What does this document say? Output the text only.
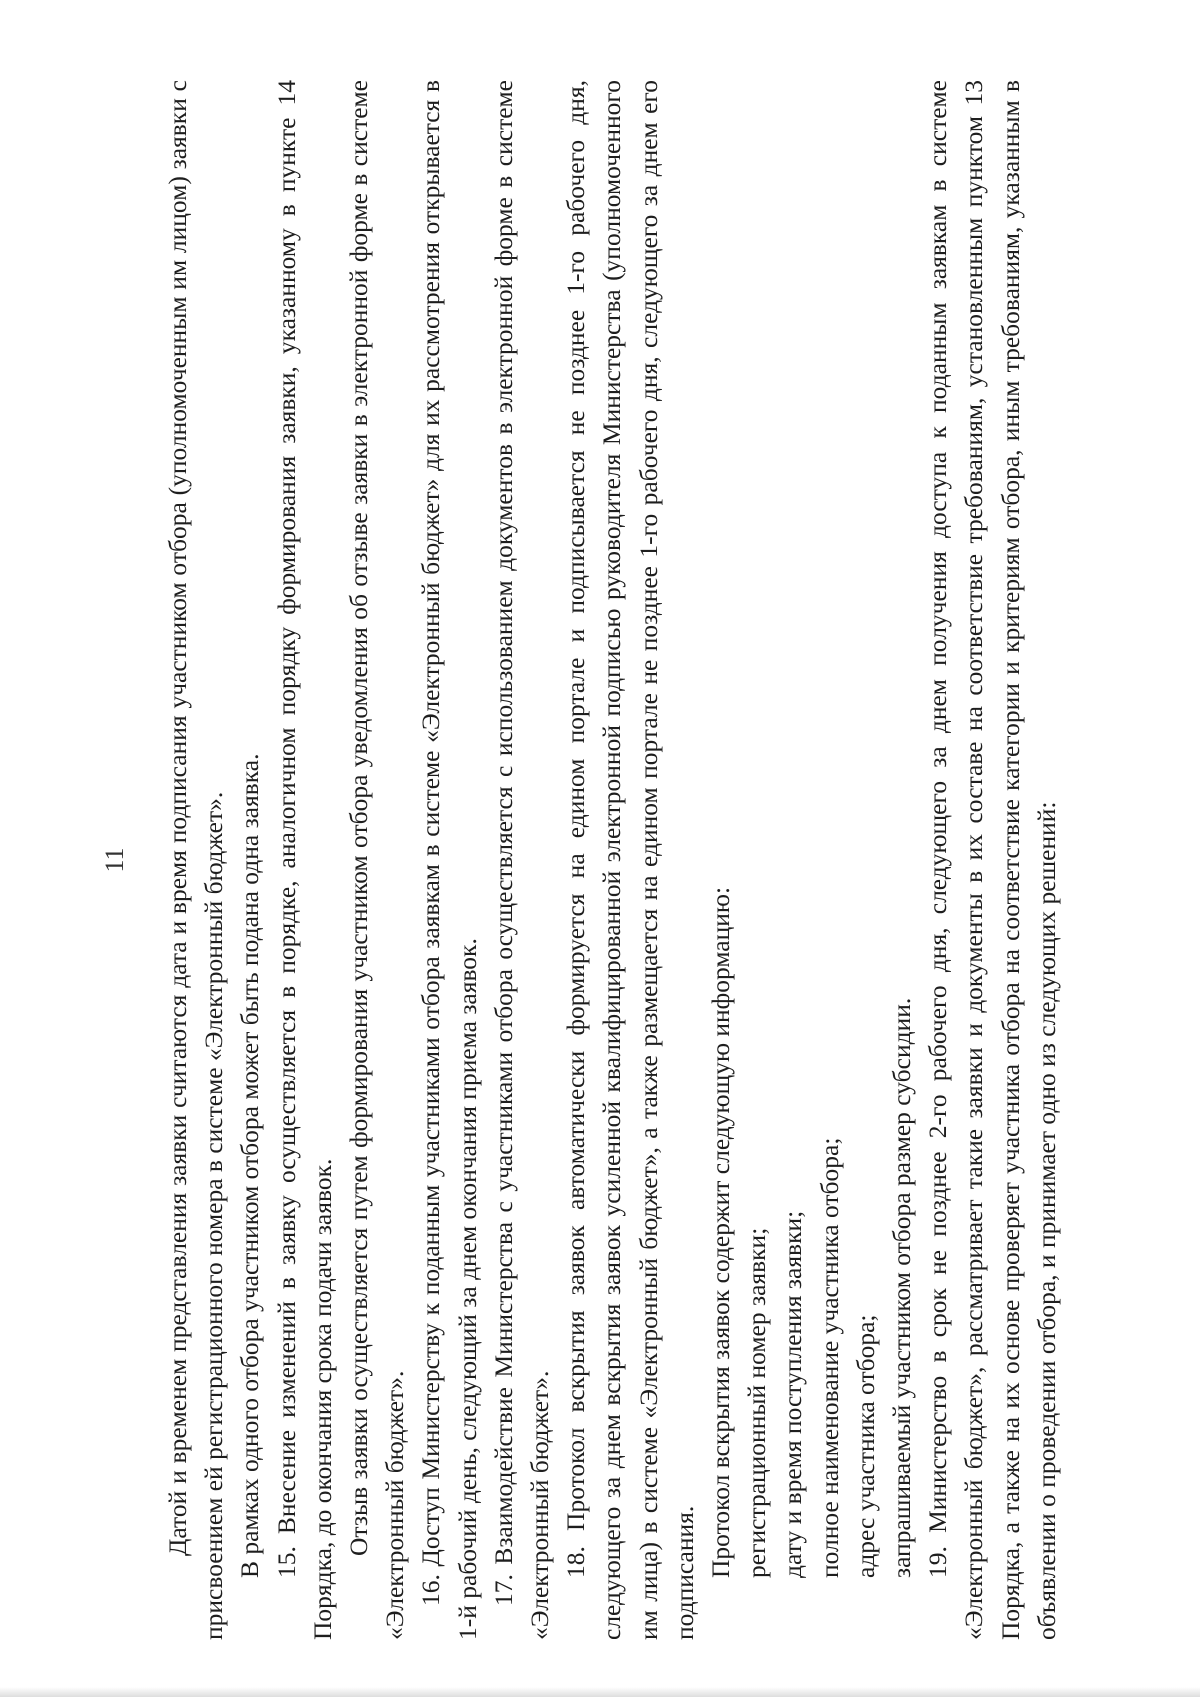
11 Датой и временем представления заявки считаются дата и время подписания участником отбора (уполномоченным им лицом) заявки с присвоением ей регистрационного номера в системе «Электронный бюджет». В рамках одного отбора участником отбора может быть подана одна заявка. 15. Внесение изменений в заявку осуществляется в порядке, аналогичном порядку формирования заявки, указанному в пункте 14 Порядка, до окончания срока подачи заявок. Отзыв заявки осуществляется путем формирования участником отбора уведомления об отзыве заявки в электронной форме в системе «Электронный бюджет». 16. Доступ Министерству к поданным участниками отбора заявкам в системе «Электронный бюджет» для их рассмотрения открывается в 1-й рабочий день, следующий за днем окончания приема заявок. 17. Взаимодействие Министерства с участниками отбора осуществляется с использованием документов в электронной форме в системе «Электронный бюджет». 18. Протокол вскрытия заявок автоматически формируется на едином портале и подписывается не позднее 1-го рабочего дня, следующего за днем вскрытия заявок усиленной квалифицированной электронной подписью руководителя Министерства (уполномоченного им лица) в системе «Электронный бюджет», а также размещается на едином портале не позднее 1-го рабочего дня, следующего за днем его подписания. Протокол вскрытия заявок содержит следующую информацию: регистрационный номер заявки; дату и время поступления заявки; полное наименование участника отбора; адрес участника отбора; запрашиваемый участником отбора размер субсидии. 19. Министерство в срок не позднее 2-го рабочего дня, следующего за днем получения доступа к поданным заявкам в системе «Электронный бюджет», рассматривает такие заявки и документы в их составе на соответствие требованиям, установленным пунктом 13 Порядка, а также на их основе проверяет участника отбора на соответствие категории и критериям отбора, иным требованиям, указанным в объявлении о проведении отбора, и принимает одно из следующих решений:
